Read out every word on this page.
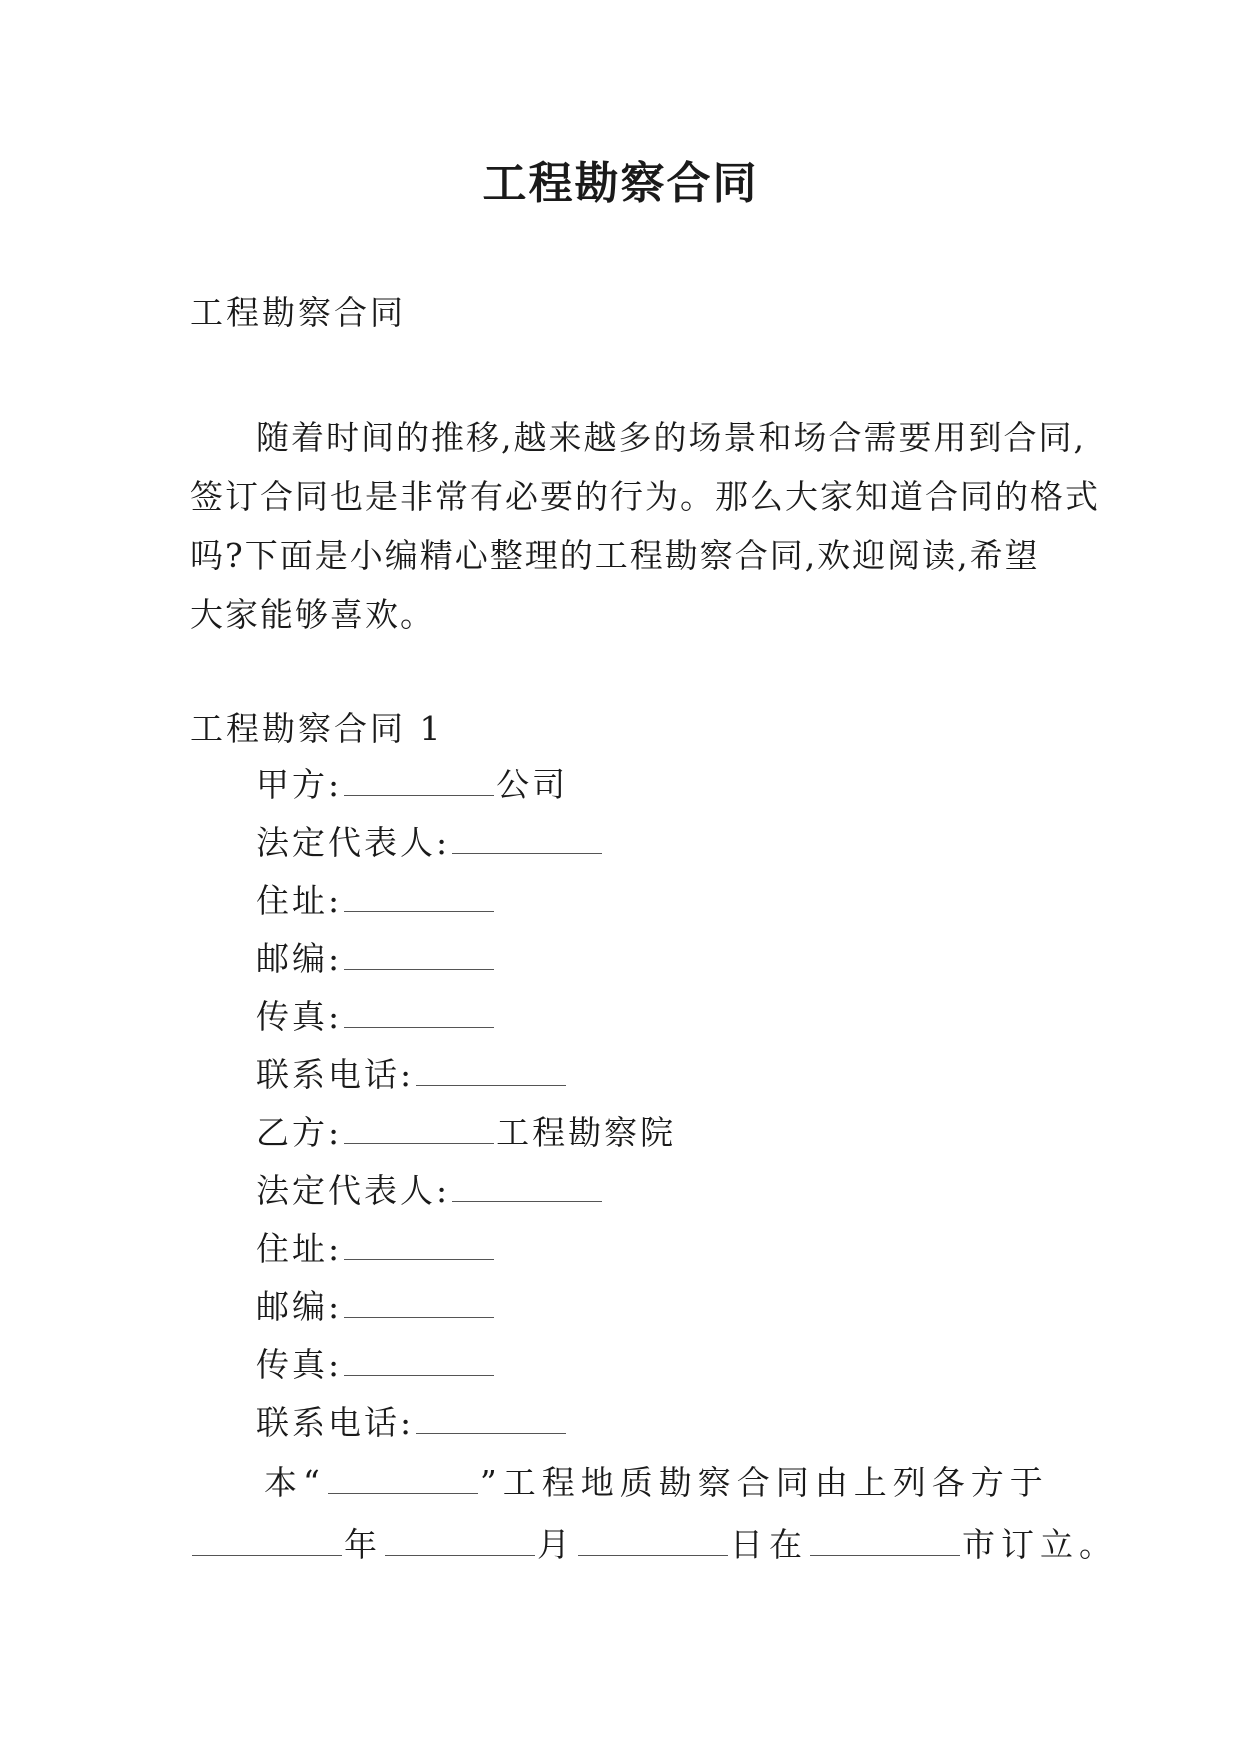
工程勘察合同

工程勘察合同

随着时间的推移,越来越多的场景和场合需要用到合同,
签订合同也是非常有必要的行为。那么大家知道合同的格式
吗?下面是小编精心整理的工程勘察合同,欢迎阅读,希望
大家能够喜欢。

工程勘察合同 1

甲方:	公司
法定代表人:
住址:
邮编:
传真:
联系电话:
乙方:	工程勘察院
法定代表人:
住址:
邮编:
传真:
联系电话:
本“	”工程地质勘察合同由上列各方于
年	月	日在	市订立。
